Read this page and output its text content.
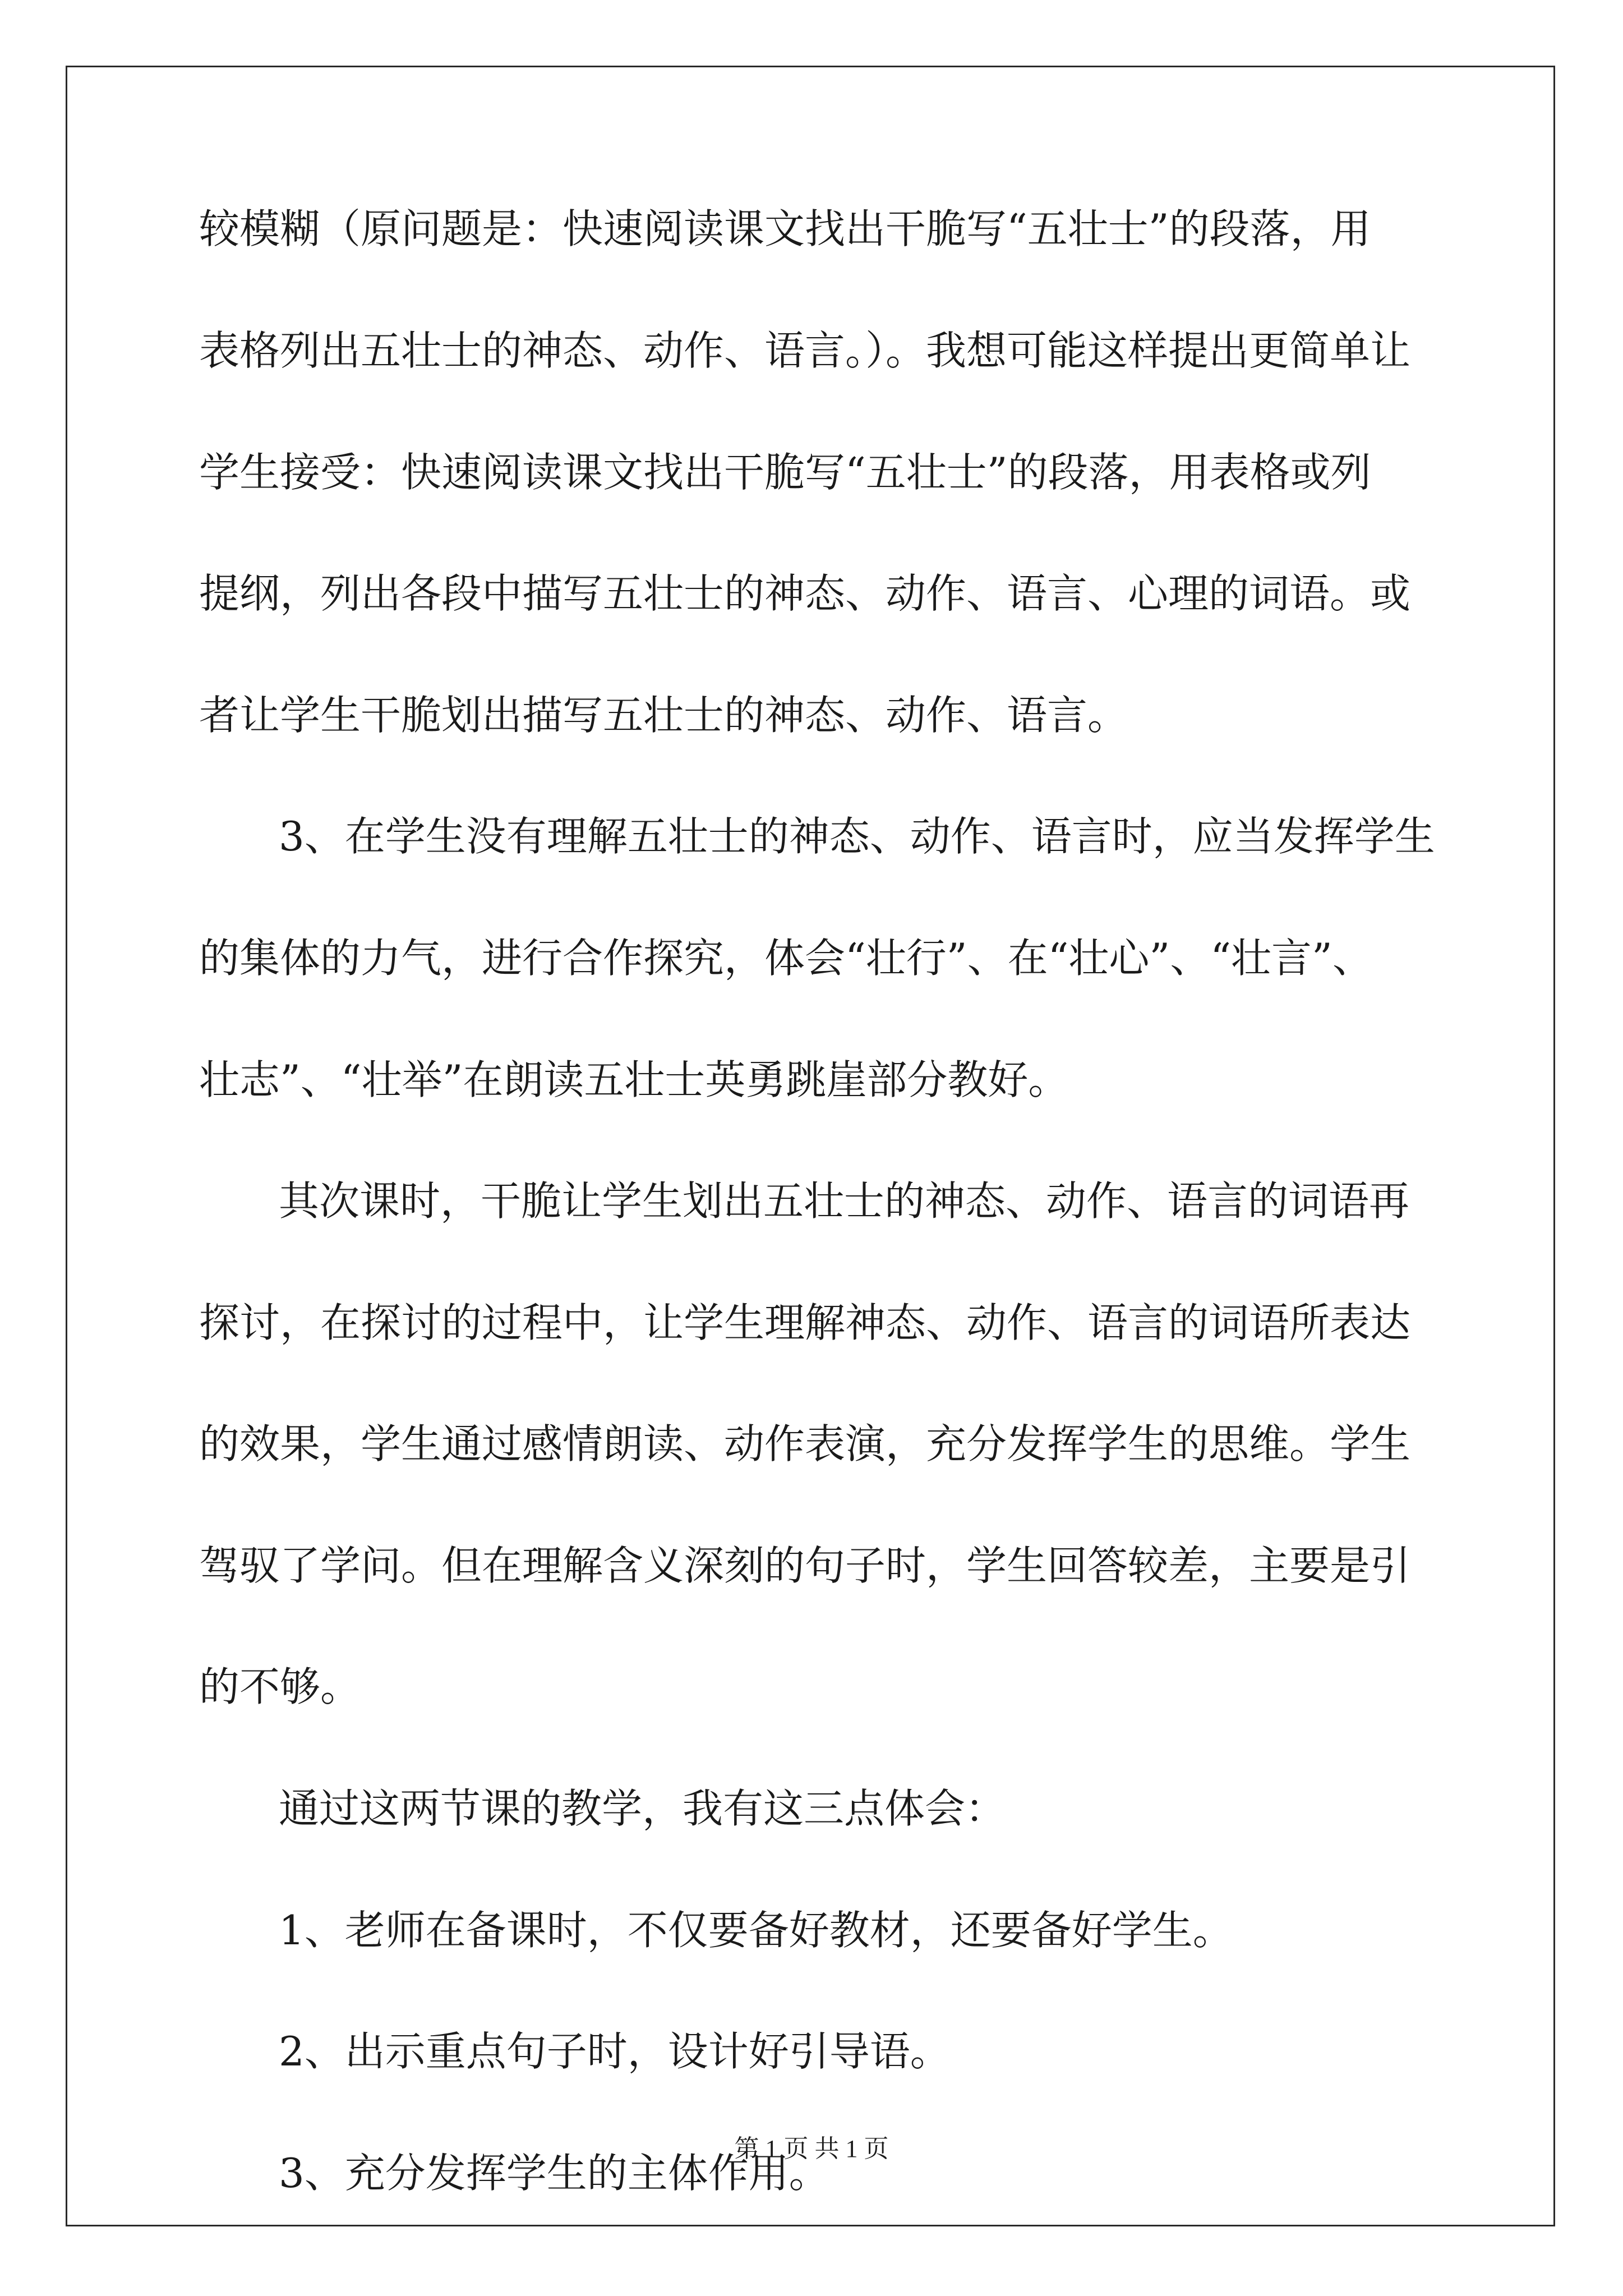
较模糊（原问题是：快速阅读课文找出干脆写“五壮士”的段落，用
表格列出五壮士的神态、动作、语言。）。我想可能这样提出更简单让
学生接受：快速阅读课文找出干脆写“五壮士”的段落，用表格或列
提纲，列出各段中描写五壮士的神态、动作、语言、心理的词语。或
者让学生干脆划出描写五壮士的神态、动作、语言。
3、在学生没有理解五壮士的神态、动作、语言时，应当发挥学生
的集体的力气，进行合作探究，体会“壮行”、在“壮心”、“壮言”、
壮志”、“壮举”在朗读五壮士英勇跳崖部分教好。
其次课时，干脆让学生划出五壮士的神态、动作、语言的词语再
探讨，在探讨的过程中，让学生理解神态、动作、语言的词语所表达
的效果，学生通过感情朗读、动作表演，充分发挥学生的思维。学生
驾驭了学问。但在理解含义深刻的句子时，学生回答较差，主要是引
的不够。
通过这两节课的教学，我有这三点体会：
1、老师在备课时，不仅要备好教材，还要备好学生。
2、出示重点句子时，设计好引导语。
3、充分发挥学生的主体作用。
第 1 页 共 1 页
